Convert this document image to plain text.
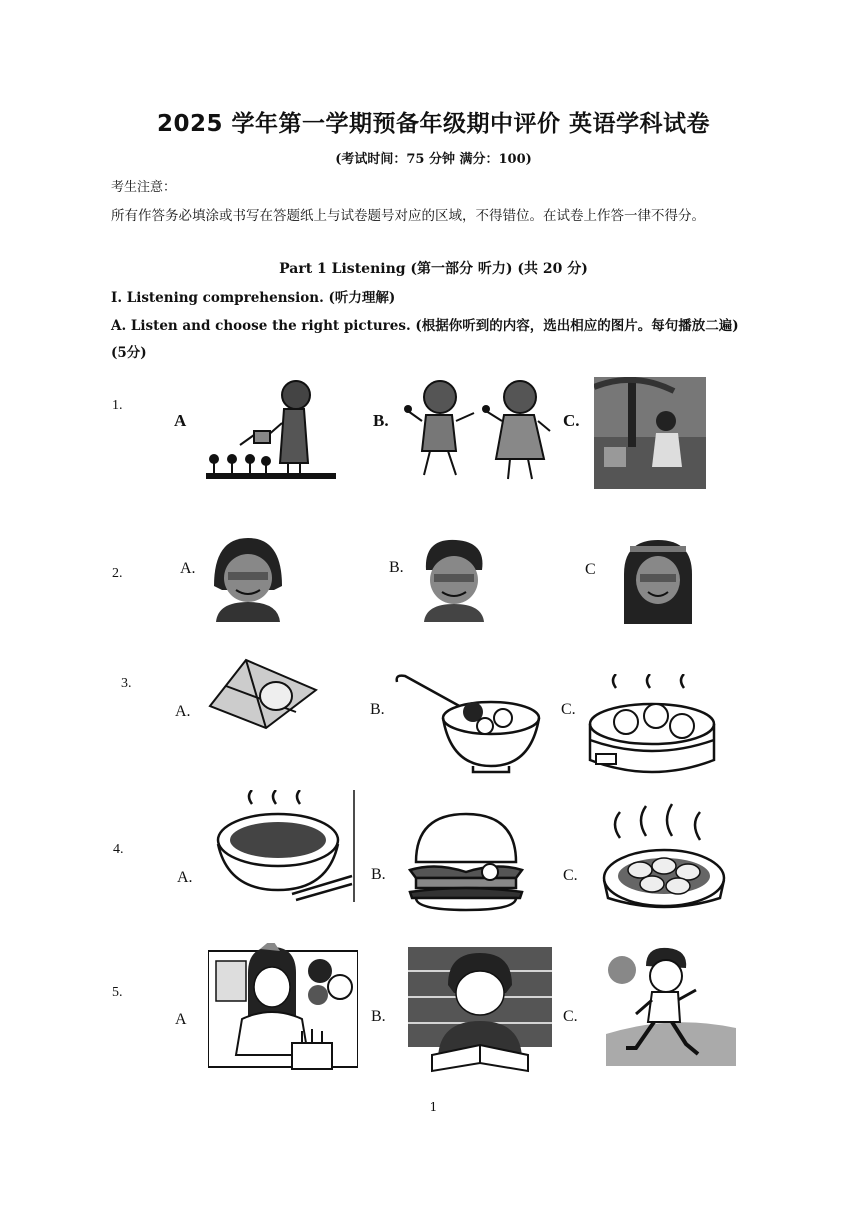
2025 学年第一学期预备年级期中评价 英语学科试卷
(考试时间：75 分钟 满分：100)
考生注意：
所有作答务必填涂或书写在答题纸上与试卷题号对应的区域，不得错位。在试卷上作答一律不得分。
Part 1 Listening (第一部分 听力) (共 20 分)
I. Listening comprehension. (听力理解)
A. Listen and choose the right pictures. (根据你听到的内容，选出相应的图片。每句播放二遍) (5分)
1.
A	B.	C.
2.	A.	B.	C
3.
A.	B.	C.
4.
A.	B.	C.
5.
A	B.	C.
1
